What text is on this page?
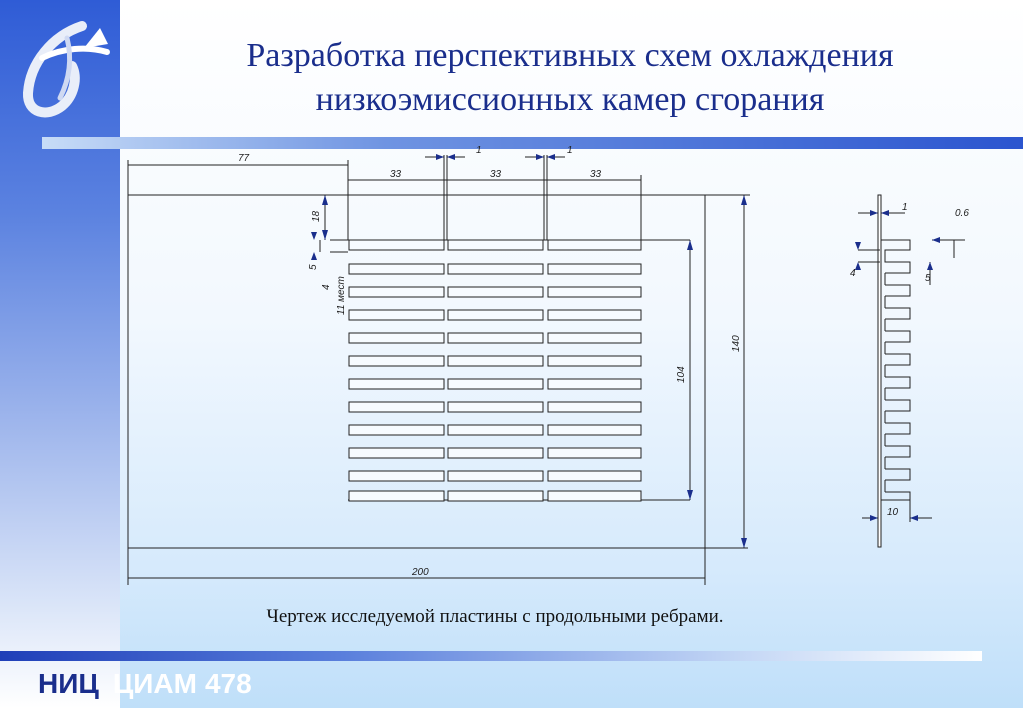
Разработка перспективных схем охлаждения
низкоэмиссионных камер сгорания
77
1	1
33	33	33
18
5
4 11 мест
104
140
200
1
0.6
4	5
10
Чертеж исследуемой пластины с продольными ребрами.
НИЦ ЦИАМ 478
